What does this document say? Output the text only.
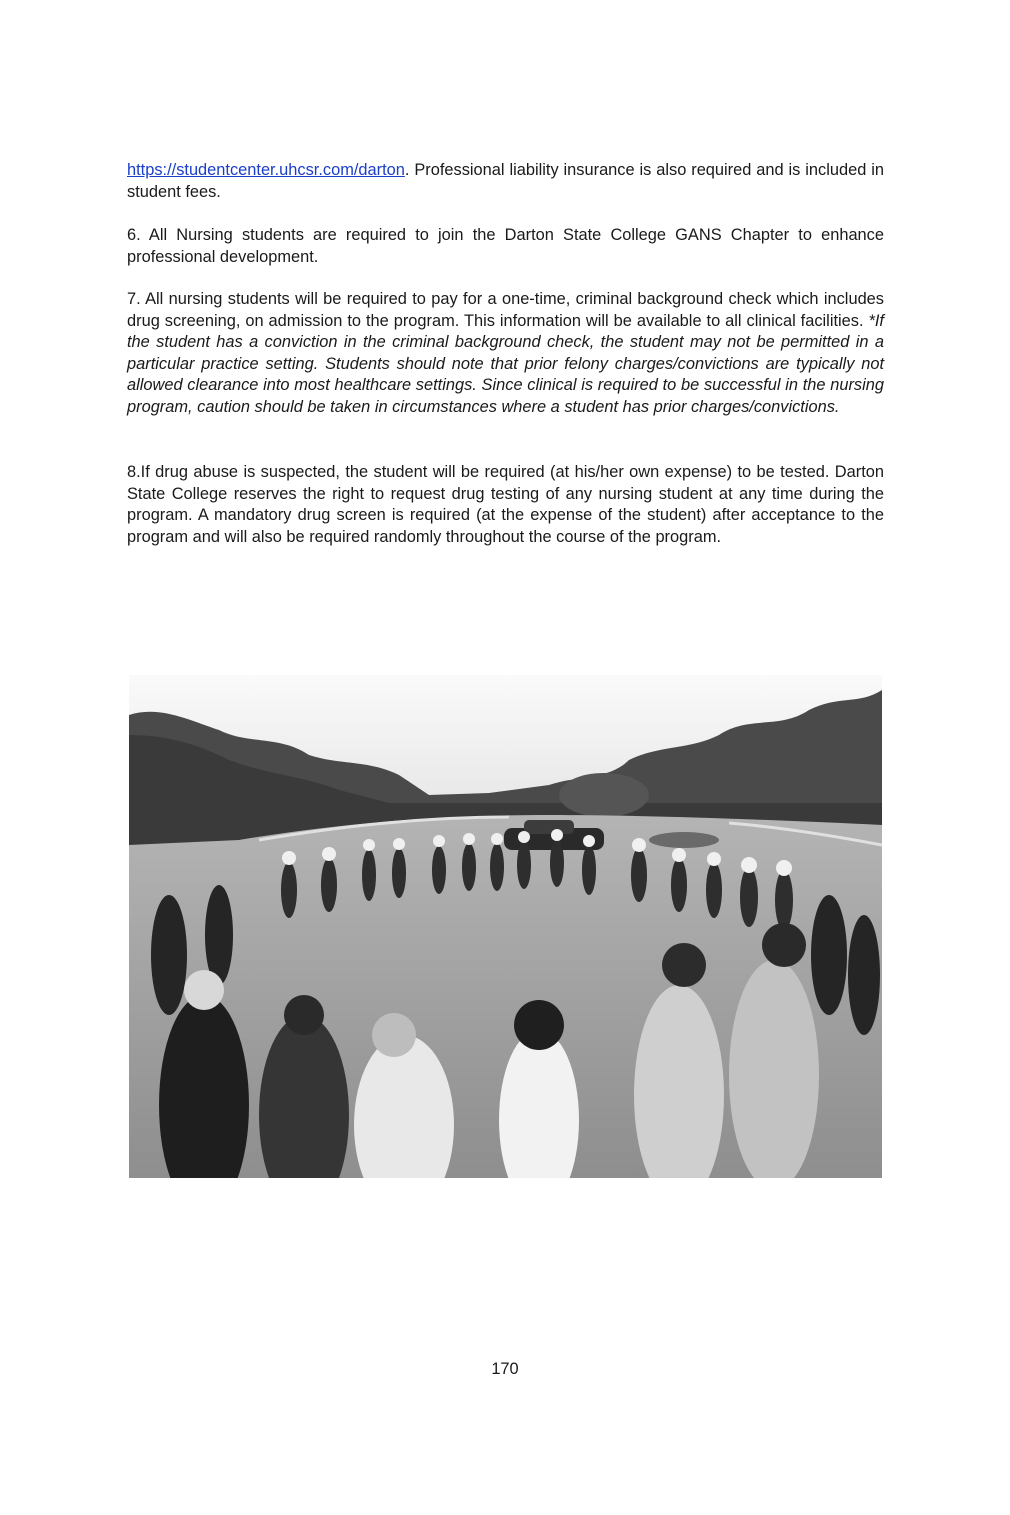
https://studentcenter.uhcsr.com/darton. Professional liability insurance is also required and is included in student fees.

6. All Nursing students are required to join the Darton State College GANS Chapter to enhance professional development.

7. All nursing students will be required to pay for a one-time, criminal background check which includes drug screening, on admission to the program. This information will be available to all clinical facilities. *If the student has a conviction in the criminal background check, the student may not be permitted in a particular practice setting. Students should note that prior felony charges/convictions are typically not allowed clearance into most healthcare settings. Since clinical is required to be successful in the nursing program, caution should be taken in circumstances where a student has prior charges/convictions.

8.If drug abuse is suspected, the student will be required (at his/her own expense) to be tested. Darton State College reserves the right to request drug testing of any nursing student at any time during the program. A mandatory drug screen is required (at the expense of the student) after acceptance to the program and will also be required randomly throughout the course of the program.

170
